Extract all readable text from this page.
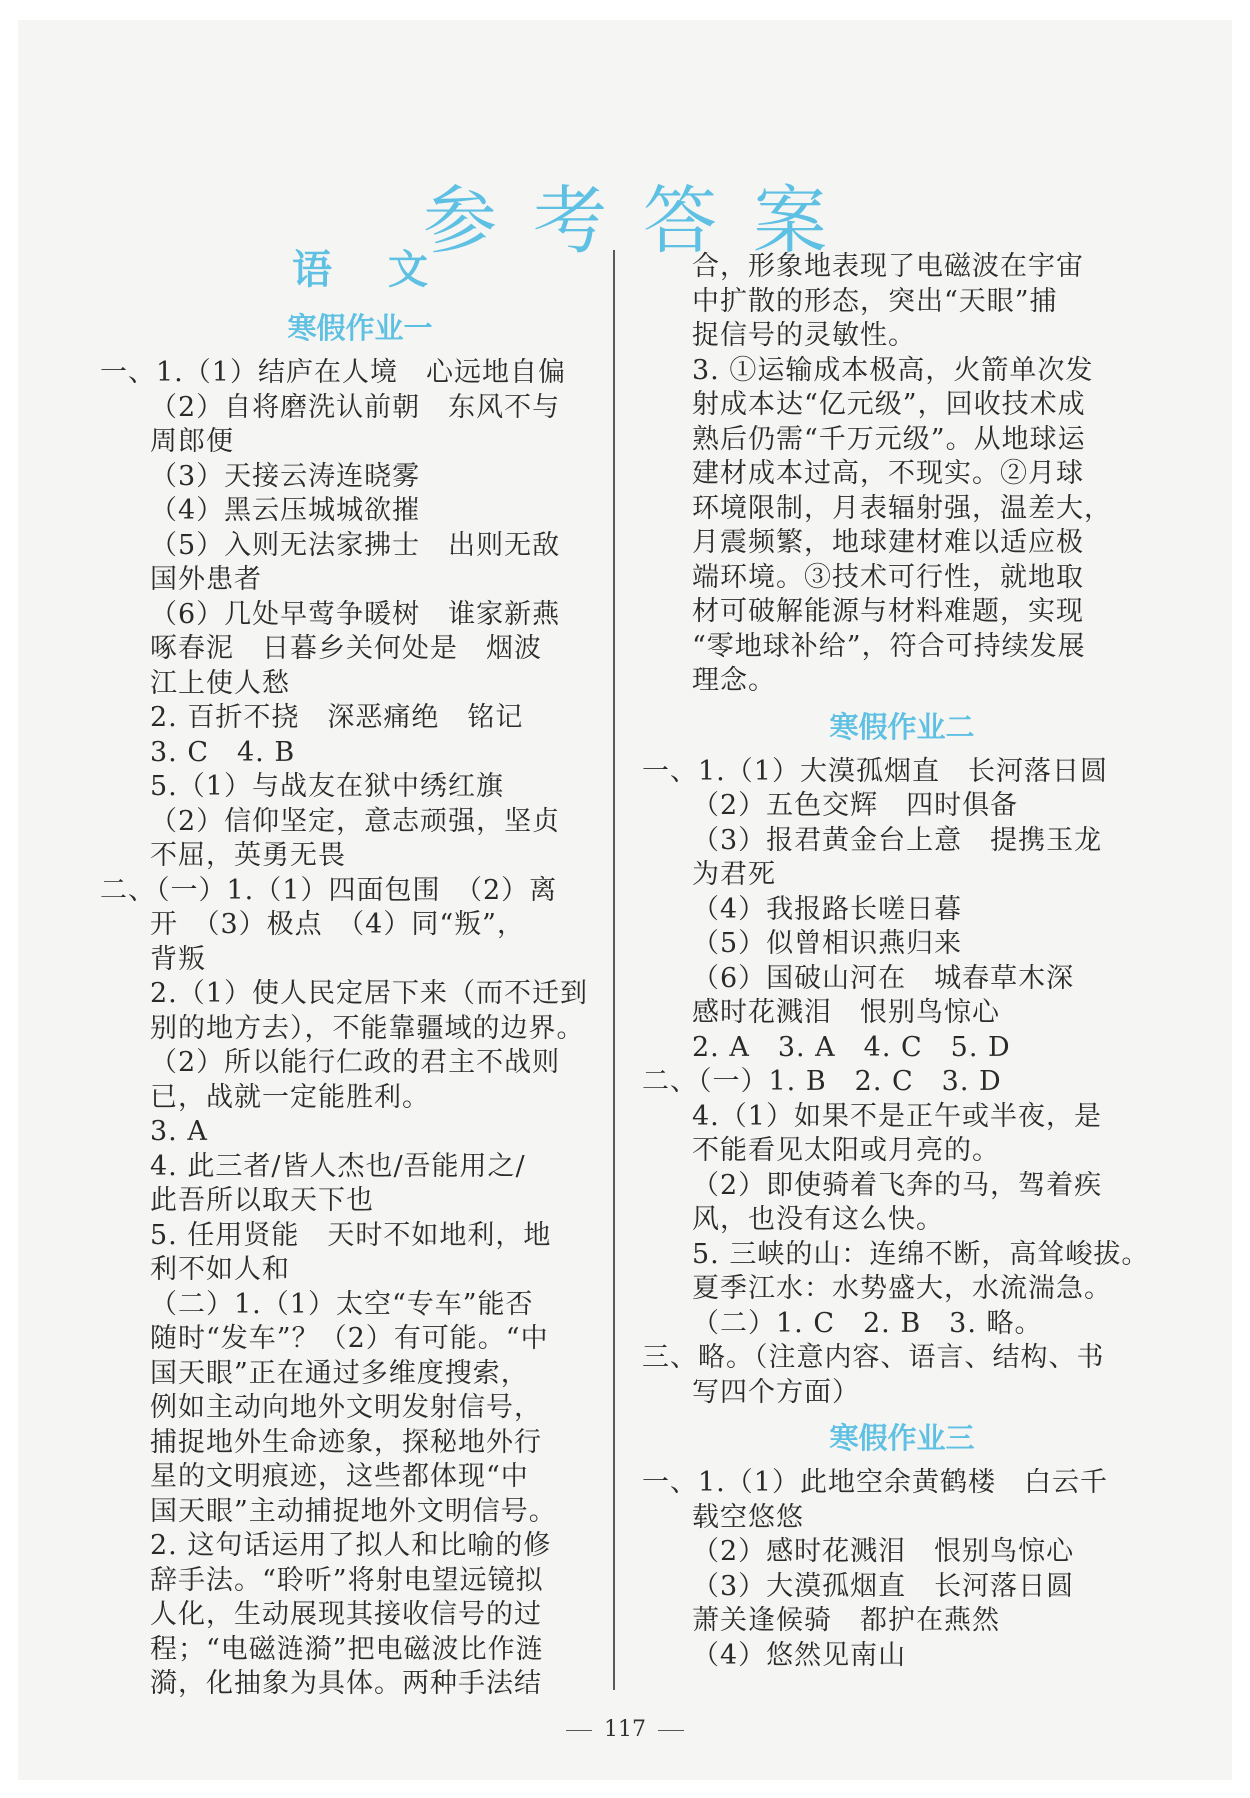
参考答案
语文
寒假作业一
一、1.（1）结庐在人境　心远地自偏
（2）自将磨洗认前朝　东风不与
周郎便
（3）天接云涛连晓雾
（4）黑云压城城欲摧
（5）入则无法家拂士　出则无敌
国外患者
（6）几处早莺争暖树　谁家新燕
啄春泥　日暮乡关何处是　烟波
江上使人愁
2. 百折不挠　深恶痛绝　铭记
3. C　4. B
5.（1）与战友在狱中绣红旗
（2）信仰坚定，意志顽强，坚贞
不屈，英勇无畏
二、（一）1.（1）四面包围　（2）离
开　（3）极点　（4）同“叛”，
背叛
2.（1）使人民定居下来（而不迁到
别的地方去），不能靠疆域的边界。
（2）所以能行仁政的君主不战则
已，战就一定能胜利。
3. A
4. 此三者/皆人杰也/吾能用之/
此吾所以取天下也
5. 任用贤能　天时不如地利，地
利不如人和
（二）1.（1）太空“专车”能否
随时“发车”？（2）有可能。“中
国天眼”正在通过多维度搜索，
例如主动向地外文明发射信号，
捕捉地外生命迹象，探秘地外行
星的文明痕迹，这些都体现“中
国天眼”主动捕捉地外文明信号。
2. 这句话运用了拟人和比喻的修
辞手法。“聆听”将射电望远镜拟
人化，生动展现其接收信号的过
程；“电磁涟漪”把电磁波比作涟
漪，化抽象为具体。两种手法结
合，形象地表现了电磁波在宇宙
中扩散的形态，突出“天眼”捕
捉信号的灵敏性。
3. ①运输成本极高，火箭单次发
射成本达“亿元级”，回收技术成
熟后仍需“千万元级”。从地球运
建材成本过高，不现实。②月球
环境限制，月表辐射强，温差大，
月震频繁，地球建材难以适应极
端环境。③技术可行性，就地取
材可破解能源与材料难题，实现
“零地球补给”，符合可持续发展
理念。
寒假作业二
一、1.（1）大漠孤烟直　长河落日圆
（2）五色交辉　四时俱备
（3）报君黄金台上意　提携玉龙
为君死
（4）我报路长嗟日暮
（5）似曾相识燕归来
（6）国破山河在　城春草木深
感时花溅泪　恨别鸟惊心
2. A　3. A　4. C　5. D
二、（一）1. B　2. C　3. D
4.（1）如果不是正午或半夜，是
不能看见太阳或月亮的。
（2）即使骑着飞奔的马，驾着疾
风，也没有这么快。
5. 三峡的山：连绵不断，高耸峻拔。
夏季江水：水势盛大，水流湍急。
（二）1. C　2. B　3. 略。
三、略。（注意内容、语言、结构、书
写四个方面）
寒假作业三
一、1.（1）此地空余黄鹤楼　白云千
载空悠悠
（2）感时花溅泪　恨别鸟惊心
（3）大漠孤烟直　长河落日圆
萧关逢候骑　都护在燕然
（4）悠然见南山
117
